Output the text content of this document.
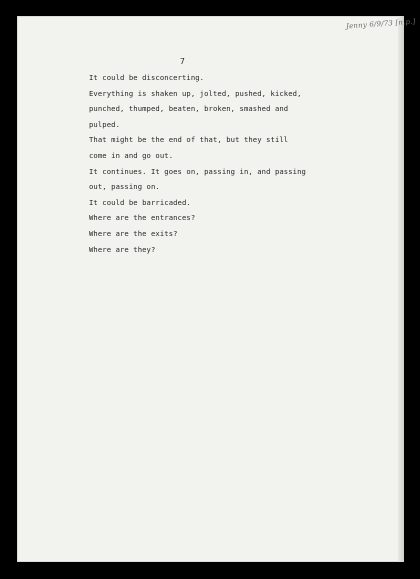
Jenny 6/9/73 [n.p.]
7
It could be disconcerting.
Everything is shaken up, jolted, pushed, kicked,
punched, thumped, beaten, broken, smashed and
pulped.
That might be the end of that, but they still
come in and go out.
It continues. It goes on, passing in, and passing
out, passing on.
It could be barricaded.
Where are the entrances?
Where are the exits?
Where are they?
